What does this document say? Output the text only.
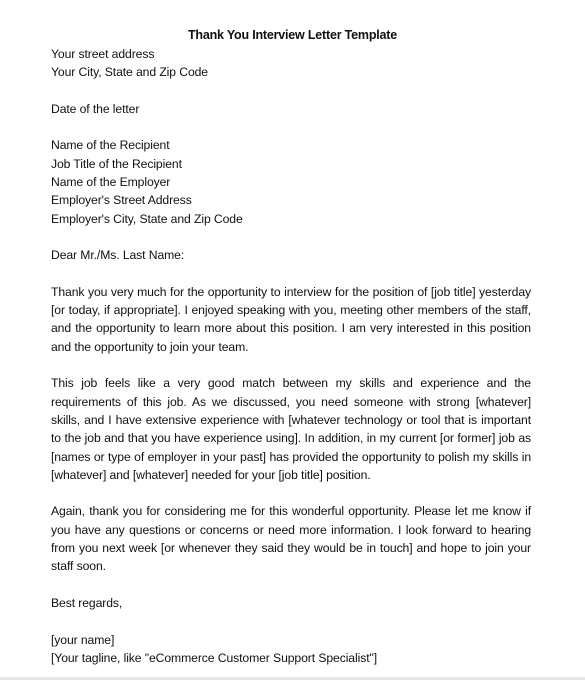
Thank You Interview Letter Template
Your street address
Your City, State and Zip Code
Date of the letter
Name of the Recipient
Job Title of the Recipient
Name of the Employer
Employer's Street Address
Employer's City, State and Zip Code
Dear Mr./Ms. Last Name:

Thank you very much for the opportunity to interview for the position of [job title] yesterday [or today, if appropriate]. I enjoyed speaking with you, meeting other members of the staff, and the opportunity to learn more about this position. I am very interested in this position and the opportunity to join your team.

This job feels like a very good match between my skills and experience and the requirements of this job. As we discussed, you need someone with strong [whatever] skills, and I have extensive experience with [whatever technology or tool that is important to the job and that you have experience using]. In addition, in my current [or former] job as [names or type of employer in your past] has provided the opportunity to polish my skills in [whatever] and [whatever] needed for your [job title] position.

Again, thank you for considering me for this wonderful opportunity. Please let me know if you have any questions or concerns or need more information. I look forward to hearing from you next week [or whenever they said they would be in touch] and hope to join your staff soon.

Best regards,
[your name]
[Your tagline, like "eCommerce Customer Support Specialist"]
